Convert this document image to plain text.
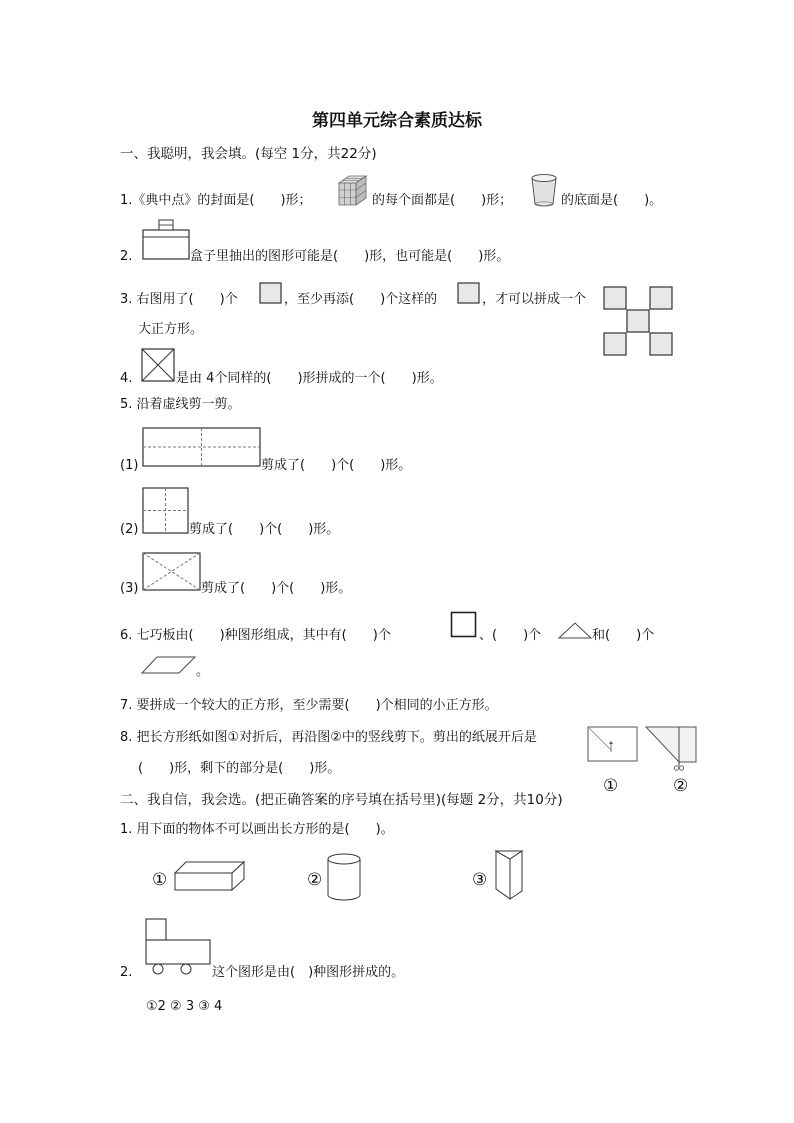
第四单元综合素质达标
一、我聪明，我会填。(每空 1分，共22分)
1.《典中点》的封面是(　　)形；	的每个面都是(　　)形；	的底面是(　　)。
2.	盒子里抽出的图形可能是(　　)形，也可能是(　　)形。
3. 右图用了(　　)个	，至少再添(　　)个这样的	，才可以拼成一个
大正方形。
4.	是由 4个同样的(　　)形拼成的一个(　　)形。
5. 沿着虚线剪一剪。
(1)	剪成了(　　)个(　　)形。
(2)	剪成了(　　)个(　　)形。
(3)	剪成了(　　)个(　　)形。
6. 七巧板由(　　)种图形组成，其中有(　　)个	、(　　)个	和(　　)个
。
7. 要拼成一个较大的正方形，至少需要(　　)个相同的小正方形。
8. 把长方形纸如图①对折后，再沿图②中的竖线剪下。剪出的纸展开后是
(　　)形，剩下的部分是(　　)形。
①	②
二、我自信，我会选。(把正确答案的序号填在括号里)(每题 2分，共10分)
1. 用下面的物体不可以画出长方形的是(　　)。
①	②	③
2.	这个图形是由(　)种图形拼成的。
①2 ② 3 ③ 4
